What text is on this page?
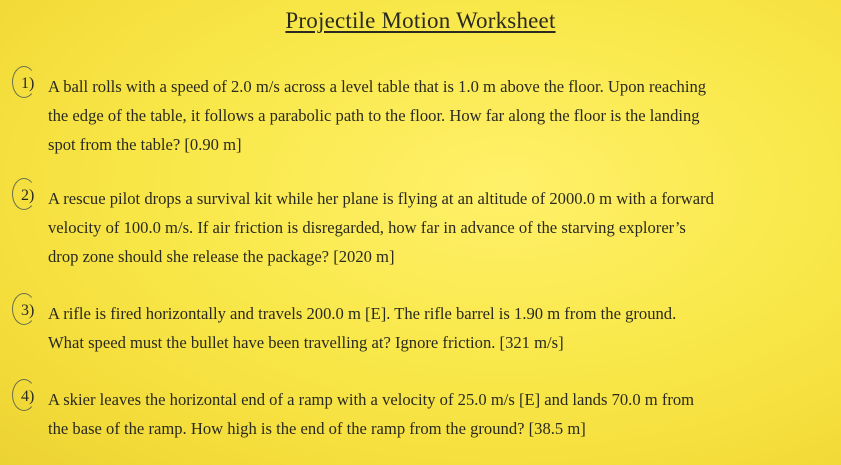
Projectile Motion Worksheet
1) A ball rolls with a speed of 2.0 m/s across a level table that is 1.0 m above the floor. Upon reaching
the edge of the table, it follows a parabolic path to the floor. How far along the floor is the landing
spot from the table? [0.90 m]
2) A rescue pilot drops a survival kit while her plane is flying at an altitude of 2000.0 m with a forward
velocity of 100.0 m/s. If air friction is disregarded, how far in advance of the starving explorer’s
drop zone should she release the package? [2020 m]
3) A rifle is fired horizontally and travels 200.0 m [E]. The rifle barrel is 1.90 m from the ground.
What speed must the bullet have been travelling at? Ignore friction. [321 m/s]
4) A skier leaves the horizontal end of a ramp with a velocity of 25.0 m/s [E] and lands 70.0 m from
the base of the ramp. How high is the end of the ramp from the ground? [38.5 m]
